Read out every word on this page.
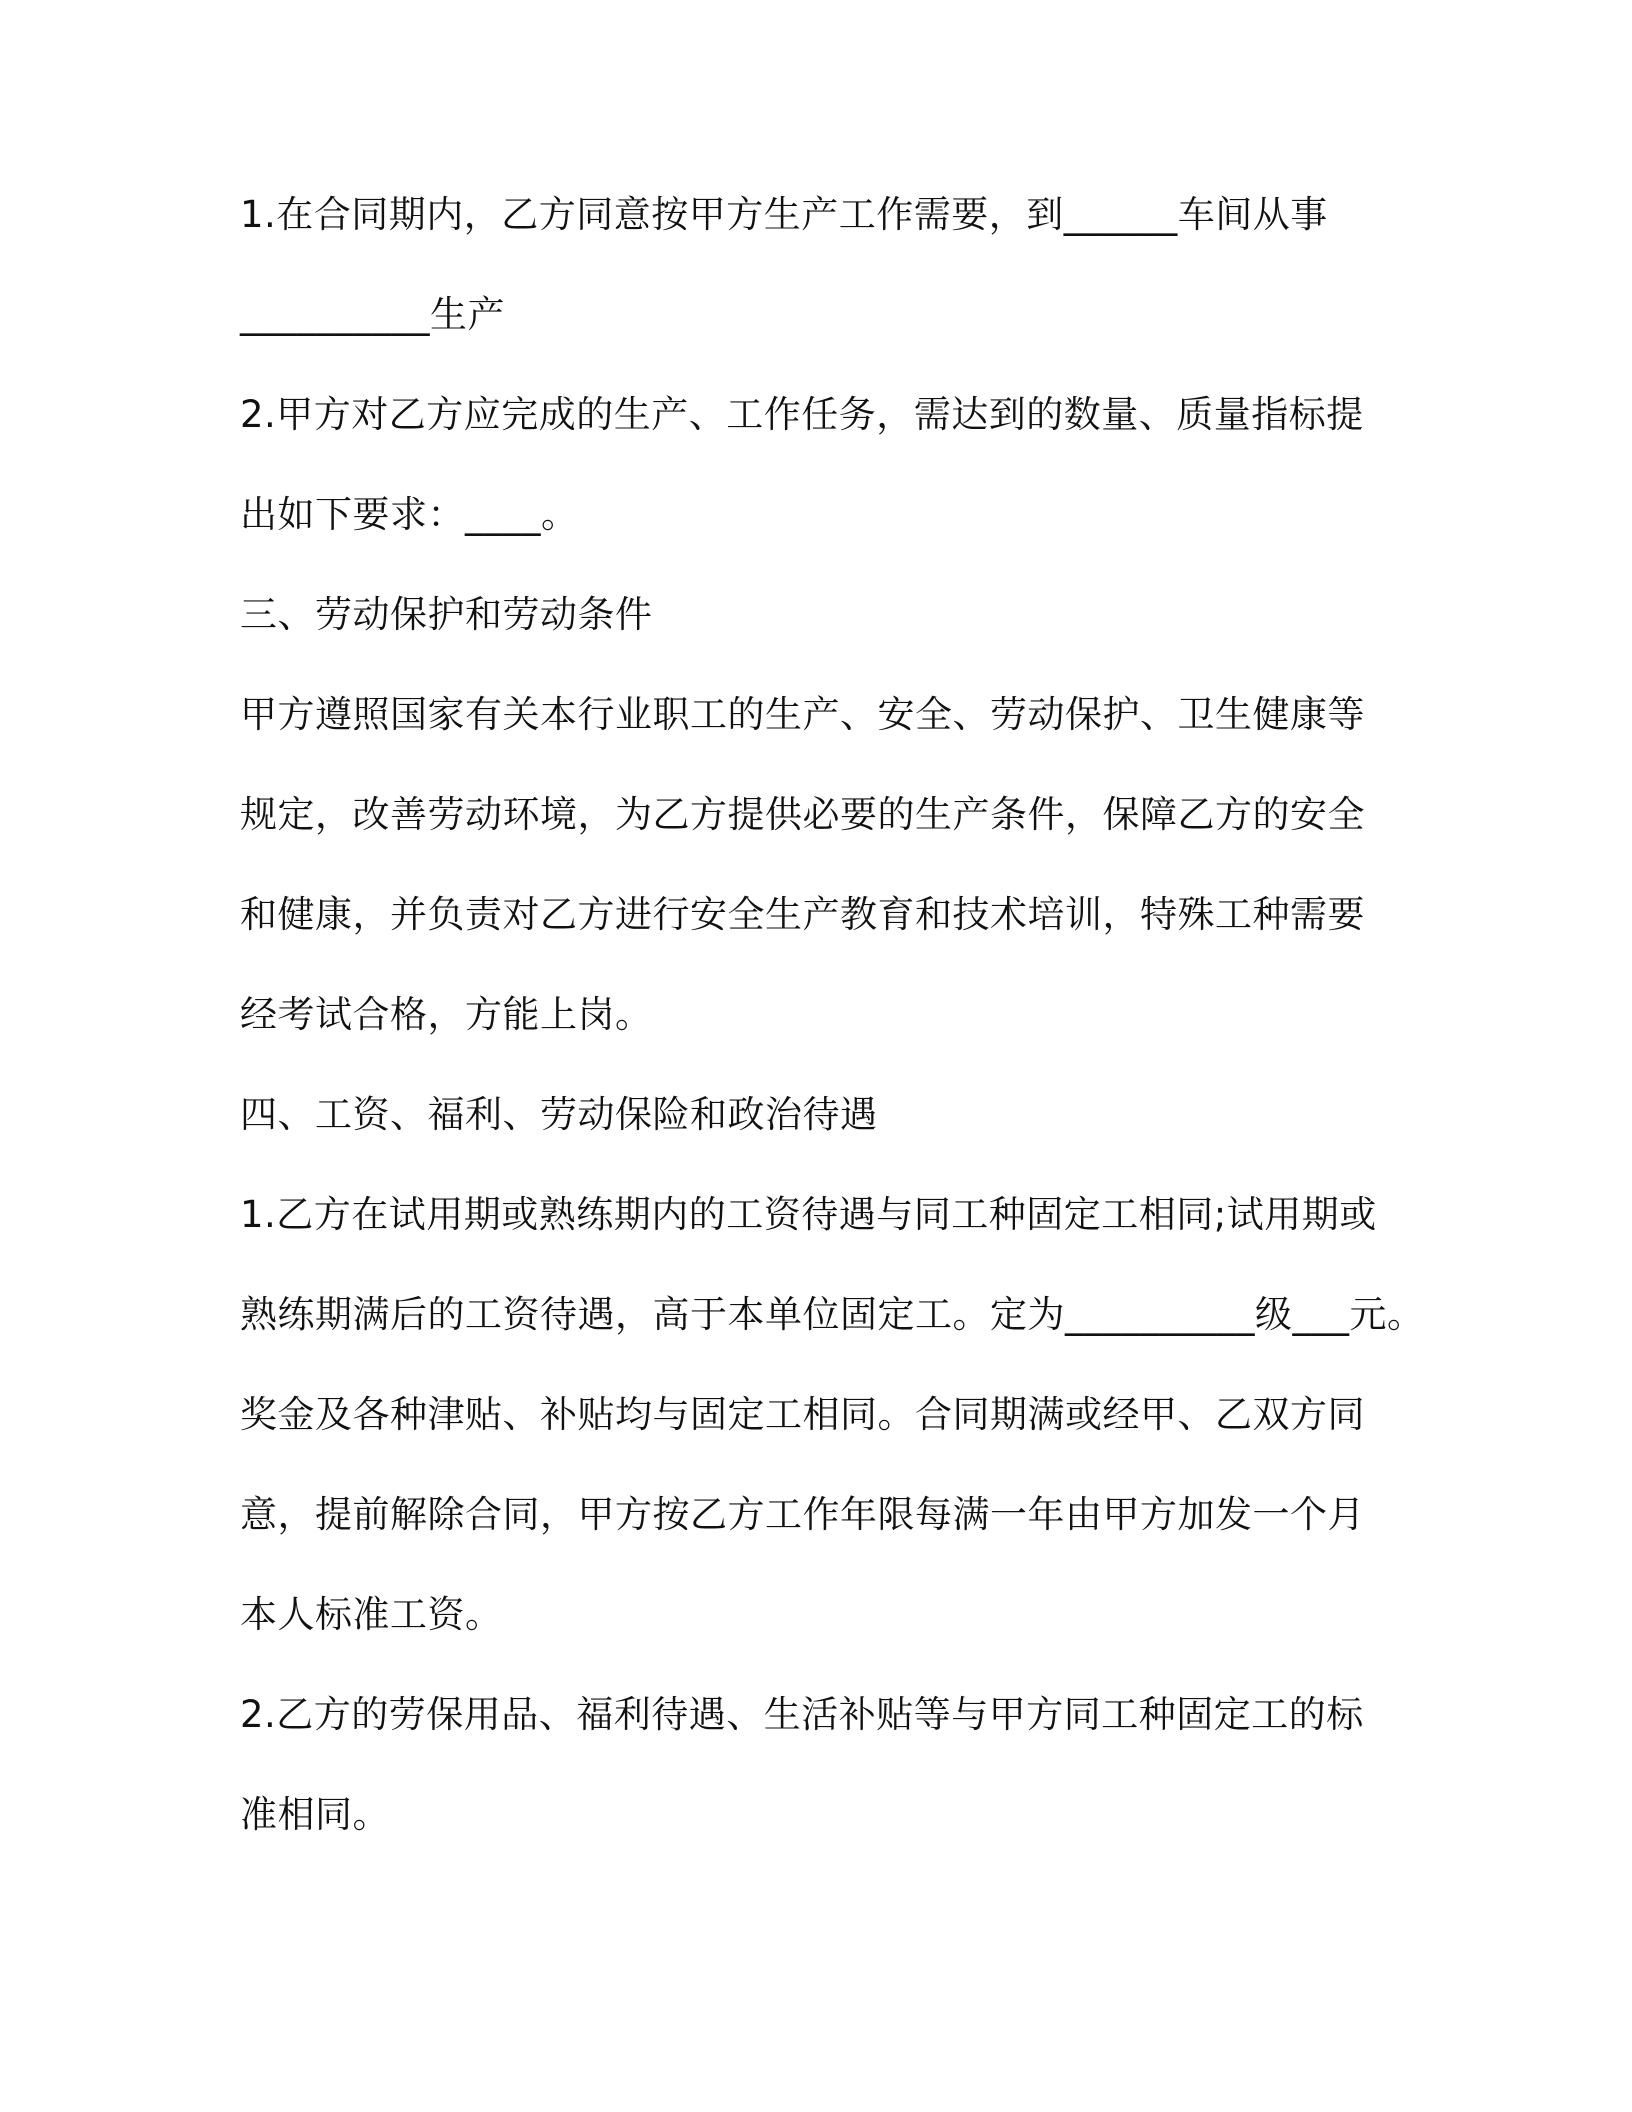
1.在合同期内，乙方同意按甲方生产工作需要，到______车间从事
__________生产
2.甲方对乙方应完成的生产、工作任务，需达到的数量、质量指标提
出如下要求：____。
三、劳动保护和劳动条件
甲方遵照国家有关本行业职工的生产、安全、劳动保护、卫生健康等
规定，改善劳动环境，为乙方提供必要的生产条件，保障乙方的安全
和健康，并负责对乙方进行安全生产教育和技术培训，特殊工种需要
经考试合格，方能上岗。
四、工资、福利、劳动保险和政治待遇
1.乙方在试用期或熟练期内的工资待遇与同工种固定工相同;试用期或
熟练期满后的工资待遇，高于本单位固定工。定为__________级___元。
奖金及各种津贴、补贴均与固定工相同。合同期满或经甲、乙双方同
意，提前解除合同，甲方按乙方工作年限每满一年由甲方加发一个月
本人标准工资。
2.乙方的劳保用品、福利待遇、生活补贴等与甲方同工种固定工的标
准相同。
